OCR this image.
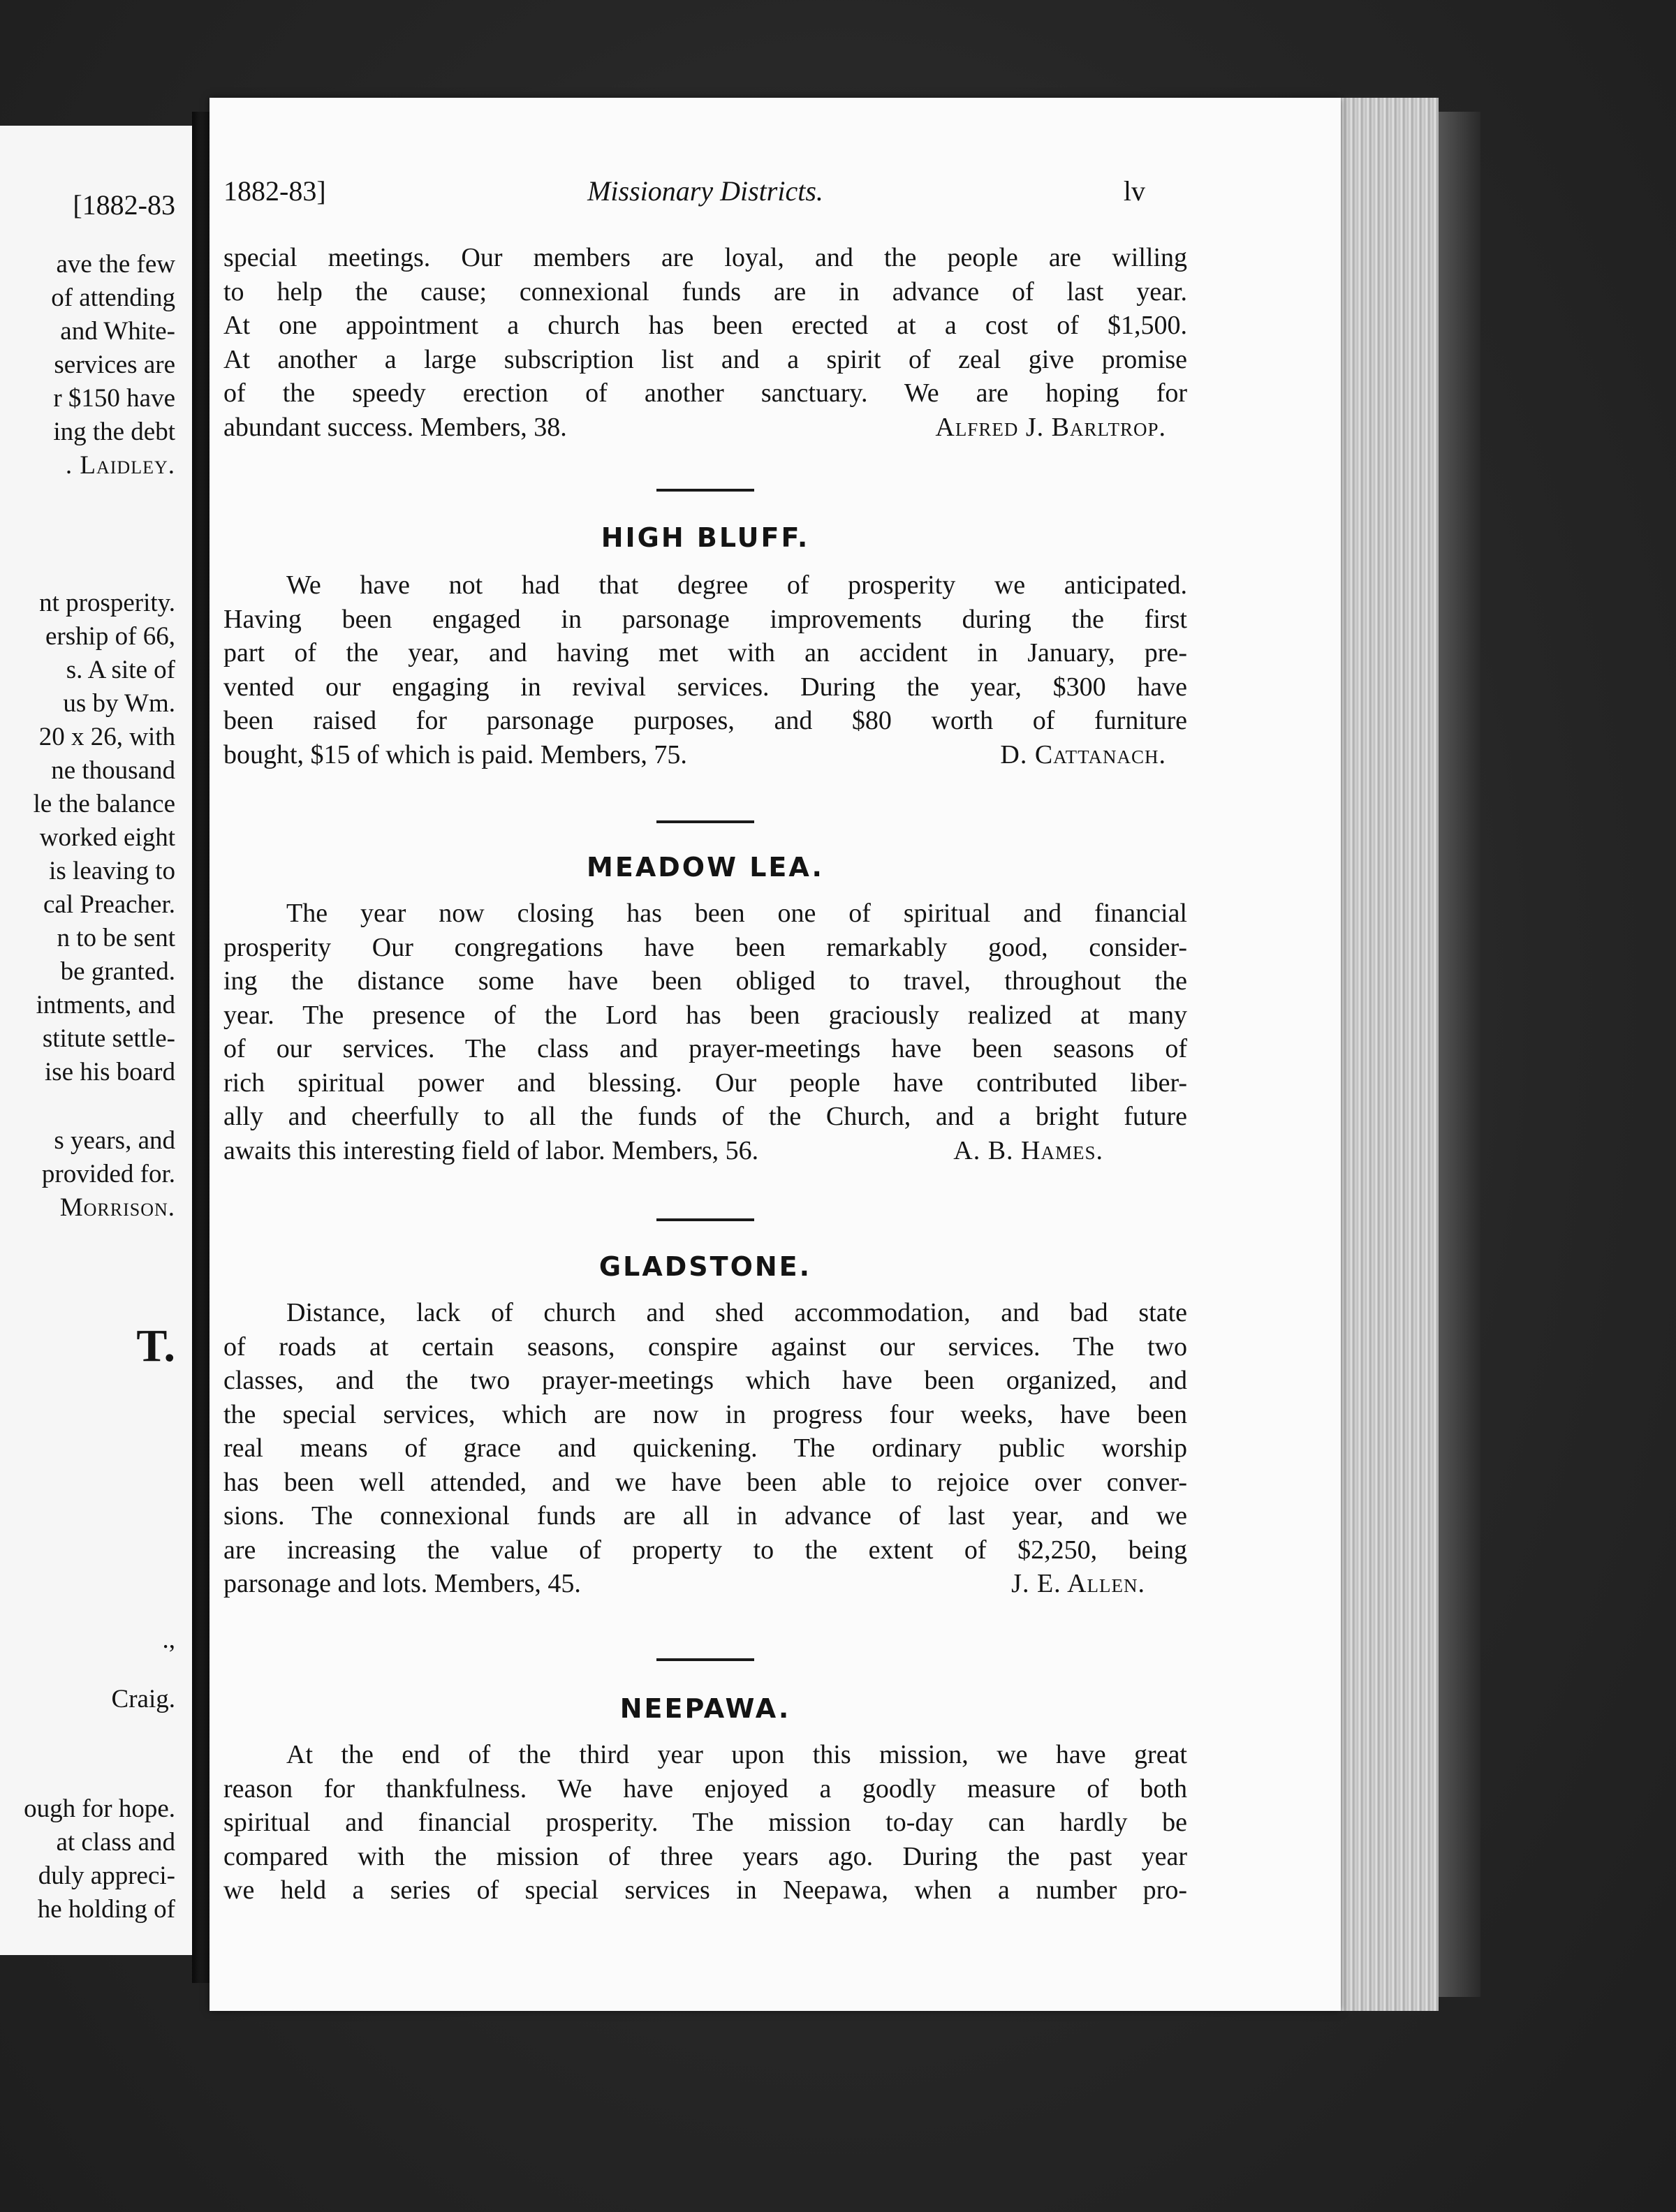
[1882-83
ave the few
of attending
and White-
services are
r $150 have
ing the debt
. Laidley.
nt prosperity.
ership of 66,
s. A site of
us by Wm.
20 x 26, with
ne thousand
le the balance
worked eight
is leaving to
cal Preacher.
n to be sent
be granted.
intments, and
stitute settle-
ise his board
s years, and
provided for.
Morrison.
T.
.,
Craig.
ough for hope.
at class and
duly appreci-
he holding of
1882-83]	Missionary Districts.	lv

special meetings. Our members are loyal, and the people are willing

to help the cause; connexional funds are in advance of last year.

At one appointment a church has been erected at a cost of $1,500.

At another a large subscription list and a spirit of zeal give promise

of the speedy erection of another sanctuary. We are hoping for

abundant success. Members, 38.	Alfred J. Barltrop.
HIGH BLUFF.

We have not had that degree of prosperity we anticipated.

Having been engaged in parsonage improvements during the first

part of the year, and having met with an accident in January, pre-

vented our engaging in revival services. During the year, $300 have

been raised for parsonage purposes, and $80 worth of furniture

bought, $15 of which is paid. Members, 75.	D. Cattanach.
MEADOW LEA.

The year now closing has been one of spiritual and financial

prosperity Our congregations have been remarkably good, consider-

ing the distance some have been obliged to travel, throughout the

year. The presence of the Lord has been graciously realized at many

of our services. The class and prayer-meetings have been seasons of

rich spiritual power and blessing. Our people have contributed liber-

ally and cheerfully to all the funds of the Church, and a bright future

awaits this interesting field of labor. Members, 56.	A. B. Hames.
GLADSTONE.

Distance, lack of church and shed accommodation, and bad state

of roads at certain seasons, conspire against our services. The two

classes, and the two prayer-meetings which have been organized, and

the special services, which are now in progress four weeks, have been

real means of grace and quickening. The ordinary public worship

has been well attended, and we have been able to rejoice over conver-

sions. The connexional funds are all in advance of last year, and we

are increasing the value of property to the extent of $2,250, being

parsonage and lots. Members, 45.	J. E. Allen.
NEEPAWA.

At the end of the third year upon this mission, we have great

reason for thankfulness. We have enjoyed a goodly measure of both

spiritual and financial prosperity. The mission to-day can hardly be

compared with the mission of three years ago. During the past year

we held a series of special services in Neepawa, when a number pro-
